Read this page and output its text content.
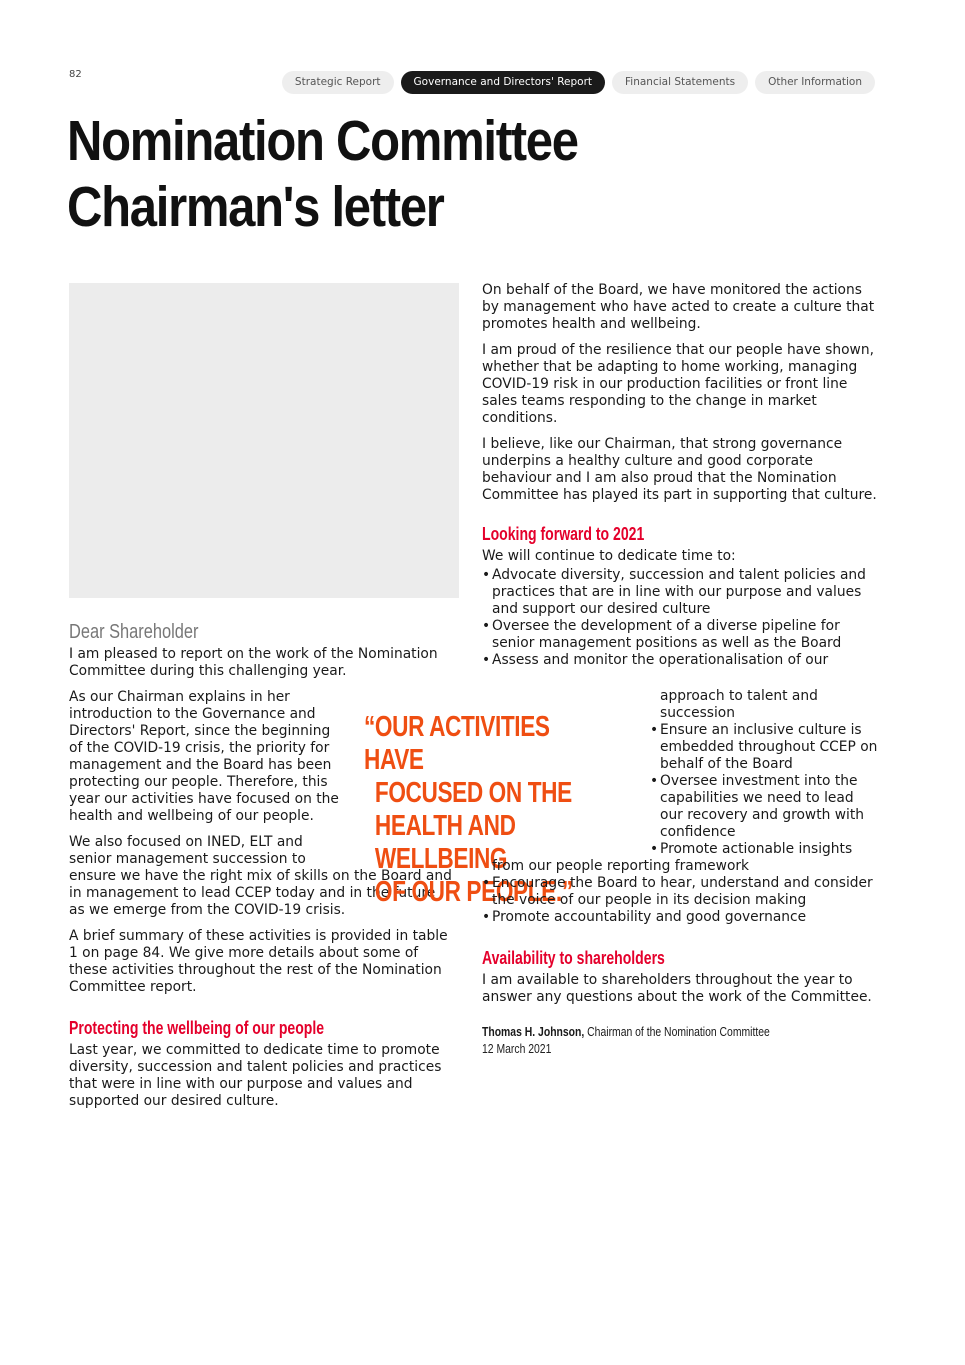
82
Strategic Report	Governance and Directors' Report	Financial Statements	Other Information
Nomination Committee
Chairman's letter
Dear Shareholder

I am pleased to report on the work of the Nomination Committee during this challenging year.

As our Chairman explains in her introduction to the Governance and Directors' Report, since the beginning of the COVID-19 crisis, the priority for management and the Board has been protecting our people. Therefore, this year our activities have focused on the health and wellbeing of our people.

We also focused on INED, ELT and senior management succession to

ensure we have the right mix of skills on the Board and in management to lead CCEP today and in the future as we emerge from the COVID-19 crisis.

A brief summary of these activities is provided in table 1 on page 84. We give more details about some of these activities throughout the rest of the Nomination Committee report.

Protecting the wellbeing of our people

Last year, we committed to dedicate time to promote diversity, succession and talent policies and practices that were in line with our purpose and values and supported our desired culture.

“OUR ACTIVITIES HAVE
FOCUSED ON THE
HEALTH AND WELLBEING
OF OUR PEOPLE.”

On behalf of the Board, we have monitored the actions by management who have acted to create a culture that promotes health and wellbeing.

I am proud of the resilience that our people have shown, whether that be adapting to home working, managing COVID-19 risk in our production facilities or front line sales teams responding to the change in market conditions.

I believe, like our Chairman, that strong governance underpins a healthy culture and good corporate behaviour and I am also proud that the Nomination Committee has played its part in supporting that culture.

Looking forward to 2021

We will continue to dedicate time to:

• Advocate diversity, succession and talent policies and practices that are in line with our purpose and values and support our desired culture
• Oversee the development of a diverse pipeline for senior management positions as well as the Board
• Assess and monitor the operationalisation of our
approach to talent and succession
• Ensure an inclusive culture is embedded throughout CCEP on behalf of the Board
• Oversee investment into the capabilities we need to lead our recovery and growth with confidence
• Promote actionable insights
from our people reporting framework
• Encourage the Board to hear, understand and consider the voice of our people in its decision making
• Promote accountability and good governance
Availability to shareholders

I am available to shareholders throughout the year to answer any questions about the work of the Committee.

Thomas H. Johnson, Chairman of the Nomination Committee
12 March 2021
